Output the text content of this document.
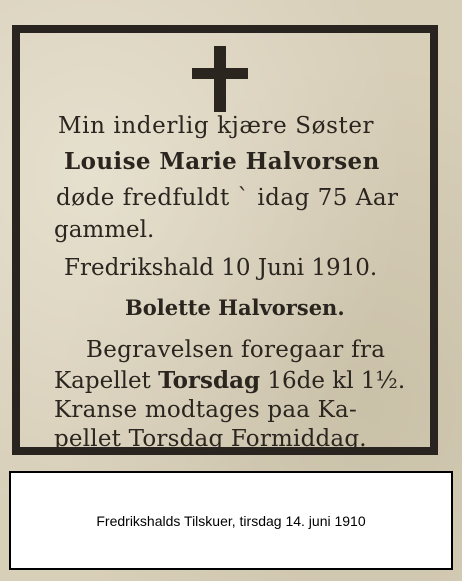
Min inderlig kjære Søster
Louise Marie Halvorsen
døde fredfuldt ` idag 75 Aar
gammel.
Fredrikshald 10 Juni 1910.
Bolette Halvorsen.
Begravelsen foregaar fra
Kapellet Torsdag 16de kl 1½.
Kranse modtages paa Ka-
pellet Torsdag Formiddag.
Fredrikshalds Tilskuer, tirsdag 14. juni 1910
